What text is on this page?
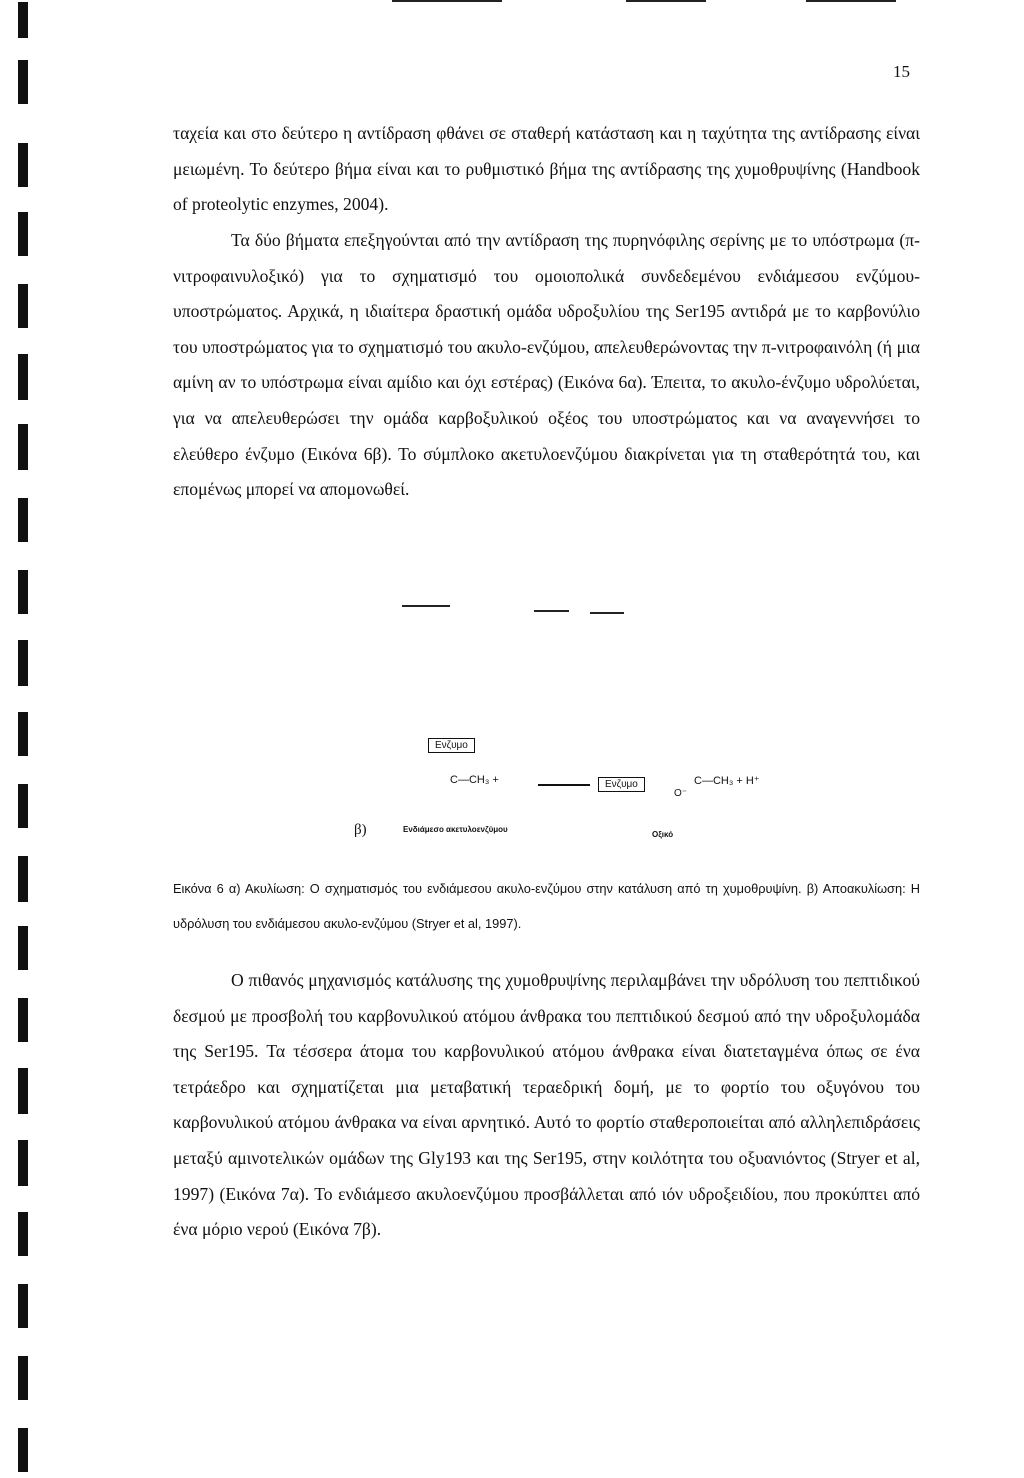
15

ταχεία και στο δεύτερο η αντίδραση φθάνει σε σταθερή κατάσταση και η ταχύτητα της αντίδρασης είναι μειωμένη. Το δεύτερο βήμα είναι και το ρυθμιστικό βήμα της αντίδρασης της χυμοθρυψίνης (Handbook of proteolytic enzymes, 2004).

Τα δύο βήματα επεξηγούνται από την αντίδραση της πυρηνόφιλης σερίνης με το υπόστρωμα (π-νιτροφαινυλοξικό) για το σχηματισμό του ομοιοπολικά συνδεδεμένου ενδιάμεσου ενζύμου-υποστρώματος. Αρχικά, η ιδιαίτερα δραστική ομάδα υδροξυλίου της Ser195 αντιδρά με το καρβονύλιο του υποστρώματος για το σχηματισμό του ακυλο-ενζύμου, απελευθερώνοντας την π-νιτροφαινόλη (ή μια αμίνη αν το υπόστρωμα είναι αμίδιο και όχι εστέρας) (Εικόνα 6α). Έπειτα, το ακυλο-ένζυμο υδρολύεται, για να απελευθερώσει την ομάδα καρβοξυλικού οξέος του υποστρώματος και να αναγεννήσει το ελεύθερο ένζυμο (Εικόνα 6β). Το σύμπλοκο ακετυλοενζύμου διακρίνεται για τη σταθερότητά του, και επομένως μπορεί να απομονωθεί.

Ενζυμο
C—CH₃ +	Ενζυμο	C—CH₃ + H⁺
O⁻
β)	Ενδιάμεσο ακετυλοενζύμου
Οξικό

Εικόνα 6 α) Ακυλίωση: Ο σχηματισμός του ενδιάμεσου ακυλο-ενζύμου στην κατάλυση από τη χυμοθρυψίνη. β) Αποακυλίωση: Η υδρόλυση του ενδιάμεσου ακυλο-ενζύμου (Stryer et al, 1997).

Ο πιθανός μηχανισμός κατάλυσης της χυμοθρυψίνης περιλαμβάνει την υδρόλυση του πεπτιδικού δεσμού με προσβολή του καρβονυλικού ατόμου άνθρακα του πεπτιδικού δεσμού από την υδροξυλομάδα της Ser195. Τα τέσσερα άτομα του καρβονυλικού ατόμου άνθρακα είναι διατεταγμένα όπως σε ένα τετράεδρο και σχηματίζεται μια μεταβατική τεραεδρική δομή, με το φορτίο του οξυγόνου του καρβονυλικού ατόμου άνθρακα να είναι αρνητικό. Αυτό το φορτίο σταθεροποιείται από αλληλεπιδράσεις μεταξύ αμινοτελικών ομάδων της Gly193 και της Ser195, στην κοιλότητα του οξυανιόντος (Stryer et al, 1997) (Εικόνα 7α). Το ενδιάμεσο ακυλοενζύμου προσβάλλεται από ιόν υδροξειδίου, που προκύπτει από ένα μόριο νερού (Εικόνα 7β).
